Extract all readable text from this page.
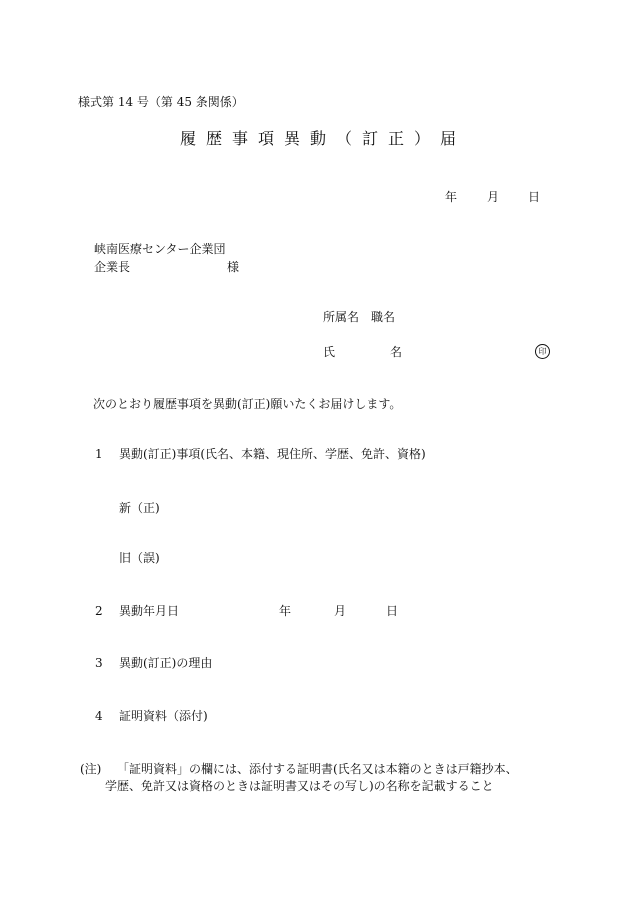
様式第 14 号（第 45 条関係）
履歴事項異動（訂正）届
年 月 日
峡南医療センター企業団
企業長	様
所属名 職名
氏	名	印
次のとおり履歴事項を異動(訂正)願いたくお届けします。
1 異動(訂正)事項(氏名、本籍、現住所、学歴、免許、資格)
新（正)
旧（誤)
2 異動年月日	年	月	日
3 異動(訂正)の理由
4 証明資料（添付)
(注) 「証明資料」の欄には、添付する証明書(氏名又は本籍のときは戸籍抄本、
学歴、免許又は資格のときは証明書又はその写し)の名称を記載すること
